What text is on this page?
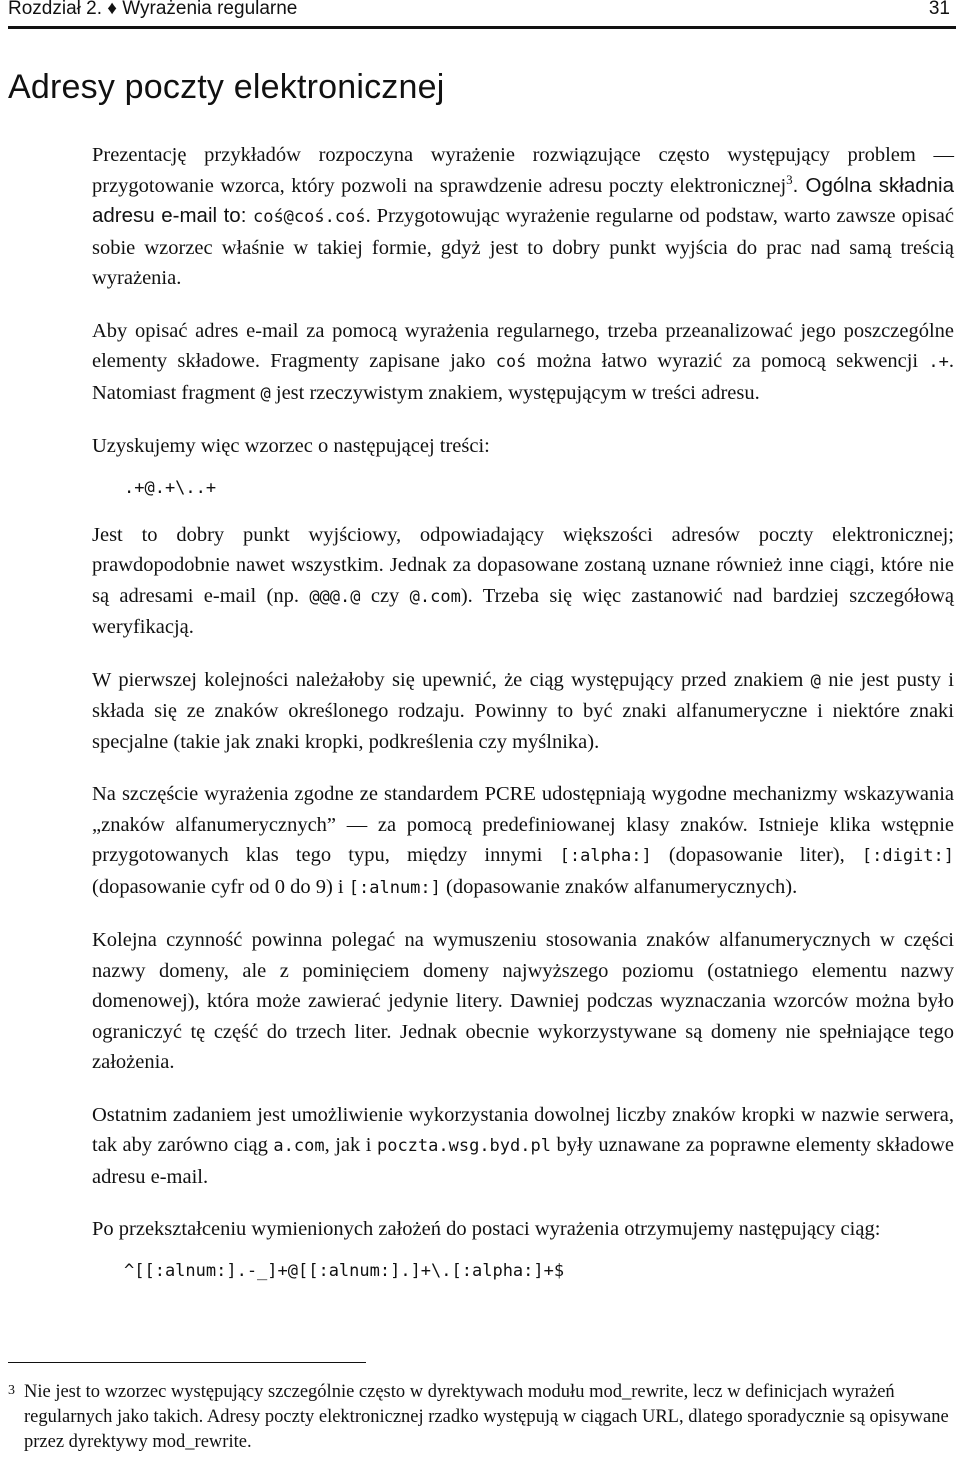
Rozdział 2. ♦ Wyrażenia regularne	31
Adresy poczty elektronicznej

Prezentację przykładów rozpoczyna wyrażenie rozwiązujące często występujący problem — przygotowanie wzorca, który pozwoli na sprawdzenie adresu poczty elektronicznej$^3$. Ogólna składnia adresu e-mail to: coś@coś.coś. Przygotowując wyrażenie regularne od podstaw, warto zawsze opisać sobie wzorzec właśnie w takiej formie, gdyż jest to dobry punkt wyjścia do prac nad samą treścią wyrażenia.

Aby opisać adres e-mail za pomocą wyrażenia regularnego, trzeba przeanalizować jego poszczególne elementy składowe. Fragmenty zapisane jako coś można łatwo wyrazić za pomocą sekwencji .+. Natomiast fragment @ jest rzeczywistym znakiem, występującym w treści adresu.

Uzyskujemy więc wzorzec o następującej treści:

.+@.+\..+

Jest to dobry punkt wyjściowy, odpowiadający większości adresów poczty elektronicznej; prawdopodobnie nawet wszystkim. Jednak za dopasowane zostaną uznane również inne ciągi, które nie są adresami e-mail (np. @@@.@ czy @.com). Trzeba się więc zastanowić nad bardziej szczegółową weryfikacją.

W pierwszej kolejności należałoby się upewnić, że ciąg występujący przed znakiem @ nie jest pusty i składa się ze znaków określonego rodzaju. Powinny to być znaki alfanumeryczne i niektóre znaki specjalne (takie jak znaki kropki, podkreślenia czy myślnika).

Na szczęście wyrażenia zgodne ze standardem PCRE udostępniają wygodne mechanizmy wskazywania „znaków alfanumerycznych” — za pomocą predefiniowanej klasy znaków. Istnieje klika wstępnie przygotowanych klas tego typu, między innymi [:alpha:] (dopasowanie liter), [:digit:] (dopasowanie cyfr od 0 do 9) i [:alnum:] (dopasowanie znaków alfanumerycznych).

Kolejna czynność powinna polegać na wymuszeniu stosowania znaków alfanumerycznych w części nazwy domeny, ale z pominięciem domeny najwyższego poziomu (ostatniego elementu nazwy domenowej), która może zawierać jedynie litery. Dawniej podczas wyznaczania wzorców można było ograniczyć tę część do trzech liter. Jednak obecnie wykorzystywane są domeny nie spełniające tego założenia.

Ostatnim zadaniem jest umożliwienie wykorzystania dowolnej liczby znaków kropki w nazwie serwera, tak aby zarówno ciąg a.com, jak i poczta.wsg.byd.pl były uznawane za poprawne elementy składowe adresu e-mail.

Po przekształceniu wymienionych założeń do postaci wyrażenia otrzymujemy następujący ciąg:

^[[:alnum:].-_]+@[[:alnum:].]+\.[:alpha:]+$
3 Nie jest to wzorzec występujący szczególnie często w dyrektywach modułu mod_rewrite, lecz w definicjach wyrażeń regularnych jako takich. Adresy poczty elektronicznej rzadko występują w ciągach URL, dlatego sporadycznie są opisywane przez dyrektywy mod_rewrite.
